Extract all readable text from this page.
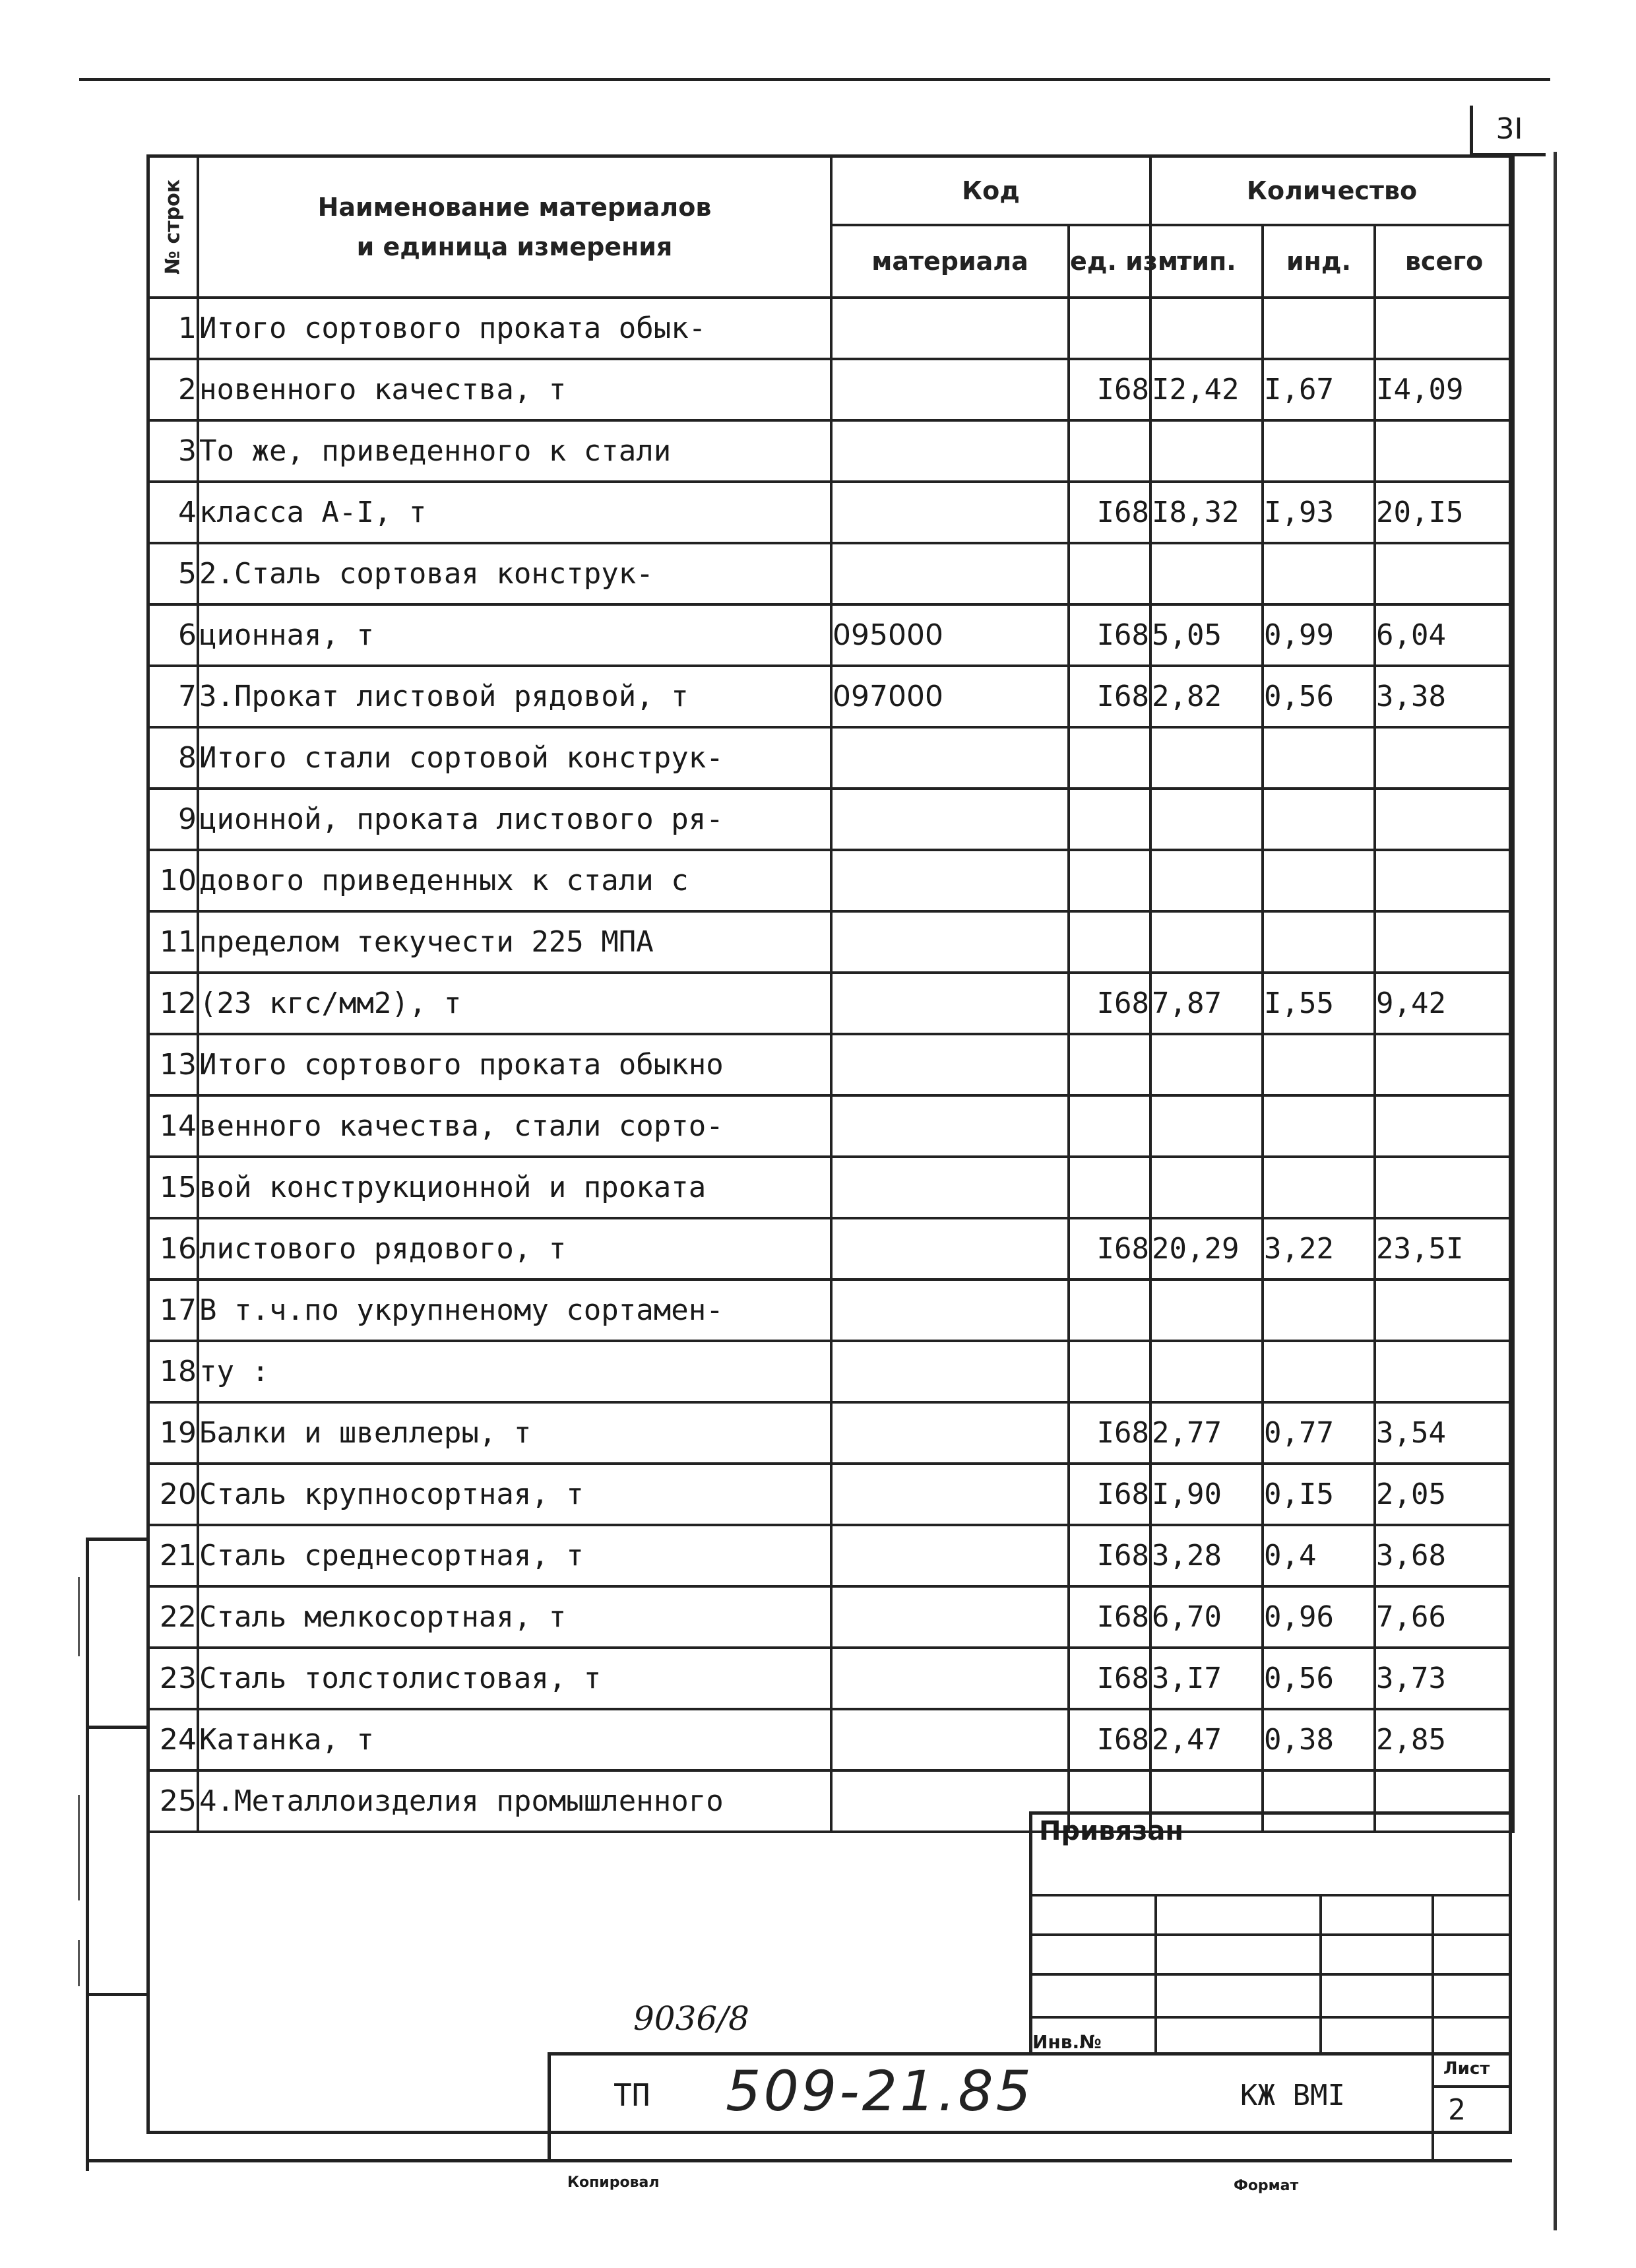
3I
№ строк	Наименование материалов
и единица измерения	Код		Количество		
		материала	ед. изм.	тип.	инд.	всего
1	Итого сортового проката обык-					
2	новенного качества, т		I68	I2,42	I,67	I4,09
3	То же, приведенного к стали					
4	класса А-I, т		I68	I8,32	I,93	20,I5
5	2.Сталь сортовая конструк-					
6	ционная, т	095000	I68	5,05	0,99	6,04
7	3.Прокат листовой рядовой, т	097000	I68	2,82	0,56	3,38
8	Итого стали сортовой конструк-					
9	ционной, проката листового ря-					
10	дового приведенных к стали с					
11	пределом текучести 225 МПА					
12	(23 кгс/мм2), т		I68	7,87	I,55	9,42
13	Итого сортового проката обыкно					
14	венного качества, стали сорто-					
15	вой конструкционной и проката					
16	листового рядового, т		I68	20,29	3,22	23,5I
17	В т.ч.по укрупненому сортамен-					
18	ту :					
19	Балки и швеллеры, т		I68	2,77	0,77	3,54
20	Сталь крупносортная, т		I68	I,90	0,I5	2,05
21	Сталь среднесортная, т		I68	3,28	0,4	3,68
22	Сталь мелкосортная, т		I68	6,70	0,96	7,66
23	Сталь толстолистовая, т		I68	3,I7	0,56	3,73
24	Катанка, т		I68	2,47	0,38	2,85
25	4.Металлоизделия промышленного					
Привязан
Инв.№
9036/8
ТП 509-21.85	КЖ ВМI
Лист
2
Копировал	Формат
